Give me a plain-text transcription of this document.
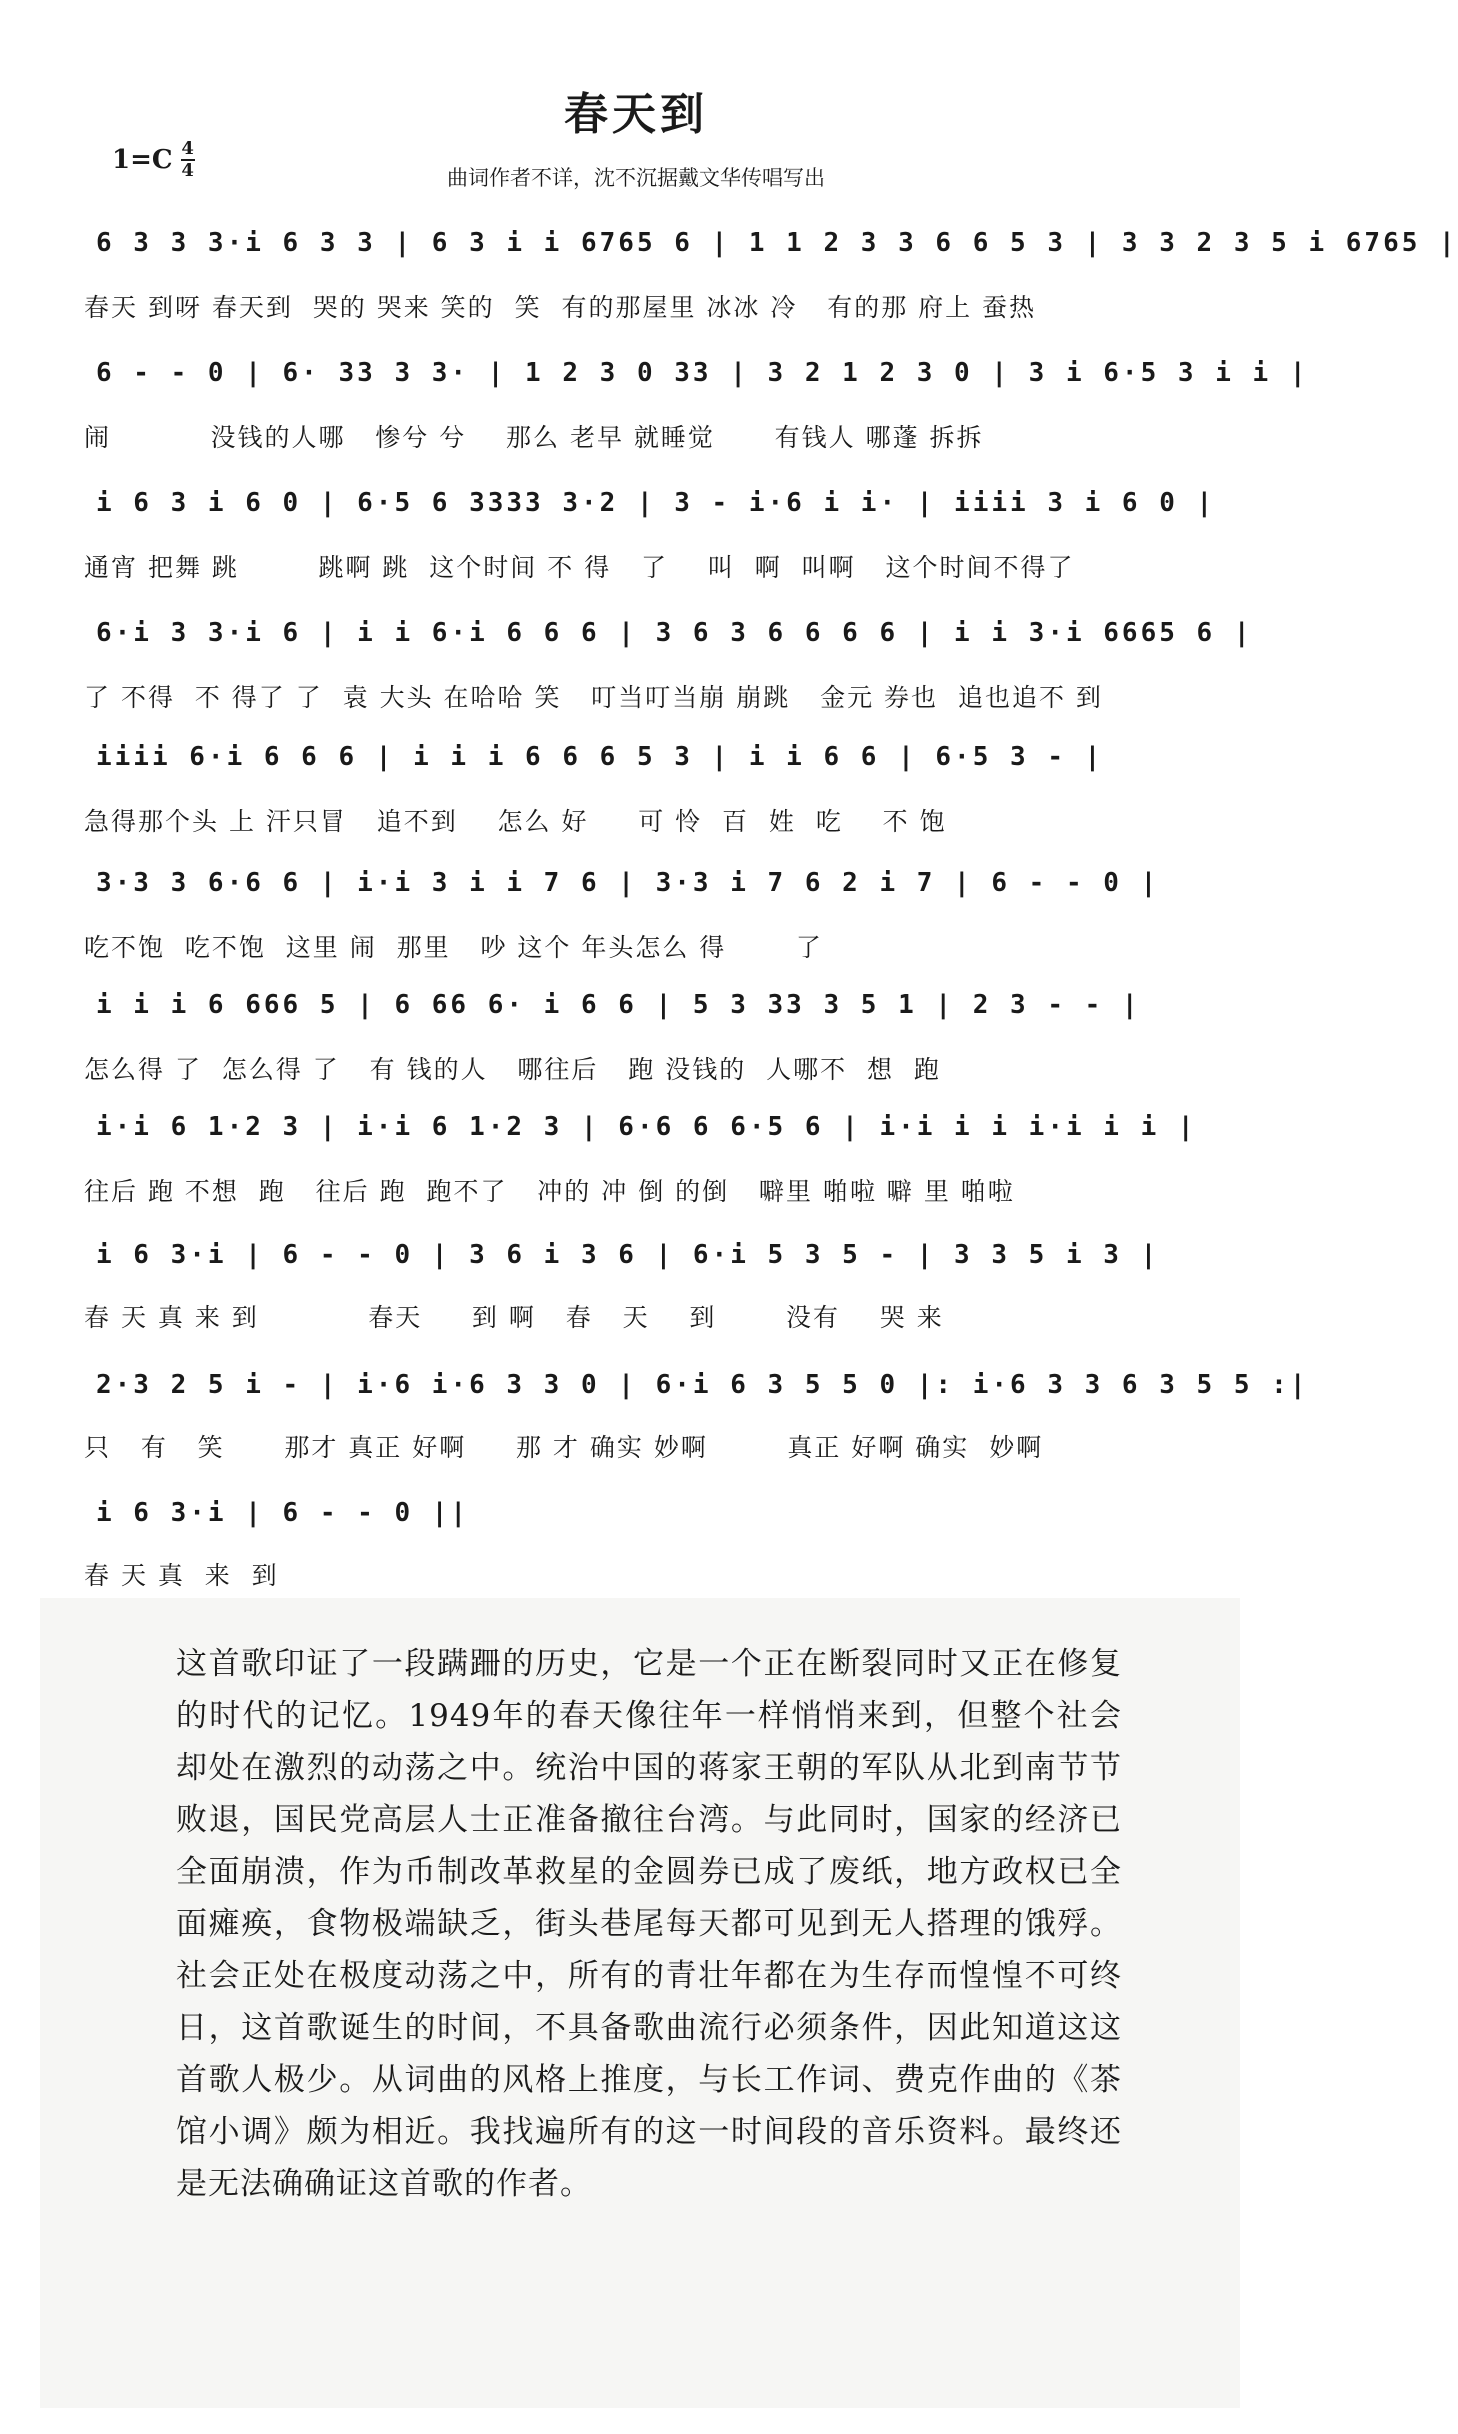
春天到
1=C 4
4	曲词作者不详，沈不沉据戴文华传唱写出
6 3 3 3·i 6 3 3 | 6 3 i i 6765 6 | 1 1 2 3 3 6 6 5 3 | 3 3 2 3 5 i 6765 |
春天 到呀 春天到  哭的 哭来 笑的  笑  有的那屋里 冰冰 冷   有的那 府上 蚕热
6 - - 0 | 6· 33 3 3· | 1 2 3 0 33 | 3 2 1 2 3 0 | 3 i 6·5 3 i i |
闹          没钱的人哪   惨兮 兮    那么 老早 就睡觉      有钱人 哪蓬 拆拆
i 6 3 i 6 0 | 6·5 6 3333 3·2 | 3 - i·6 i i· | iiii 3 i 6 0 |
通宵 把舞 跳        跳啊 跳  这个时间 不 得   了    叫  啊  叫啊   这个时间不得了
6·i 3 3·i 6 | i i 6·i 6 6 6 | 3 6 3 6 6 6 6 | i i 3·i 6665 6 |
了 不得  不 得了 了  袁 大头 在哈哈 笑   叮当叮当崩 崩跳   金元 券也  追也追不 到
iiii 6·i 6 6 6 | i i i 6 6 6 5 3 | i i 6 6 | 6·5 3 - |
急得那个头 上 汗只冒   追不到    怎么 好     可 怜  百  姓  吃    不 饱
3·3 3 6·6 6 | i·i 3 i i 7 6 | 3·3 i 7 6 2 i 7 | 6 - - 0 |
吃不饱  吃不饱  这里 闹  那里   吵 这个 年头怎么 得       了
i i i 6 666 5 | 6 66 6· i 6 6 | 5 3 33 3 5 1 | 2 3 - - |
怎么得 了  怎么得 了   有 钱的人   哪往后   跑 没钱的  人哪不  想  跑
i·i 6 1·2 3 | i·i 6 1·2 3 | 6·6 6 6·5 6 | i·i i i i·i i i |
往后 跑 不想  跑   往后 跑  跑不了   冲的 冲 倒 的倒   噼里 啪啦 噼 里 啪啦
i 6 3·i | 6 - - 0 | 3 6 i 3 6 | 6·i 5 3 5 - | 3 3 5 i 3 |
春 天 真 来 到           春天     到 啊   春   天    到       没有    哭 来
2·3 2 5 i - | i·6 i·6 3 3 0 | 6·i 6 3 5 5 0 |: i·6 3 3 6 3 5 5 :|
只   有   笑      那才 真正 好啊     那 才 确实 妙啊        真正 好啊 确实  妙啊
i 6 3·i | 6 - - 0 ||
春 天 真  来  到

这首歌印证了一段蹒跚的历史，它是一个正在断裂同时又正在修复的时代的记忆。1949年的春天像往年一样悄悄来到，但整个社会却处在激烈的动荡之中。统治中国的蒋家王朝的军队从北到南节节败退，国民党高层人士正准备撤往台湾。与此同时，国家的经济已全面崩溃，作为币制改革救星的金圆券已成了废纸，地方政权已全面瘫痪，食物极端缺乏，街头巷尾每天都可见到无人搭理的饿殍。社会正处在极度动荡之中，所有的青壮年都在为生存而惶惶不可终日，这首歌诞生的时间，不具备歌曲流行必须条件，因此知道这这首歌人极少。从词曲的风格上推度，与长工作词、费克作曲的《茶馆小调》颇为相近。我找遍所有的这一时间段的音乐资料。最终还是无法确确证这首歌的作者。
